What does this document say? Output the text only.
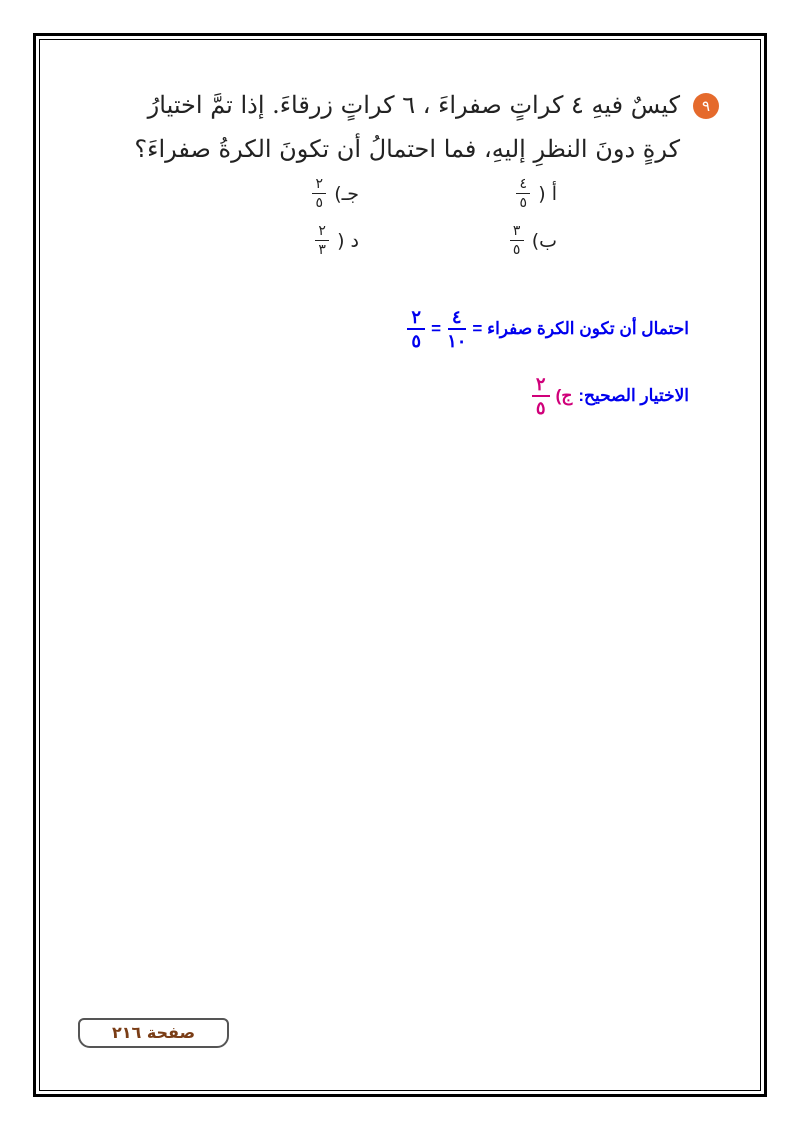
٩
كيسٌ فيهِ ٤ كراتٍ صفراءَ ، ٦ كراتٍ زرقاءَ. إذا تمَّ اختيارُ
كرةٍ دونَ النظرِ إليهِ، فما احتمالُ أن تكونَ الكرةُ صفراءَ؟
أ (
$\frac{٤}{٥}$
جـ)
$\frac{٢}{٥}$
ب)
$\frac{٣}{٥}$
د (
$\frac{٢}{٣}$
احتمال أن تكون الكرة صفراء =
$\frac{٤}{١٠}$
=
$\frac{٢}{٥}$
الاختيار الصحيح:
ج)
$\frac{٢}{٥}$
صفحة ٢١٦
